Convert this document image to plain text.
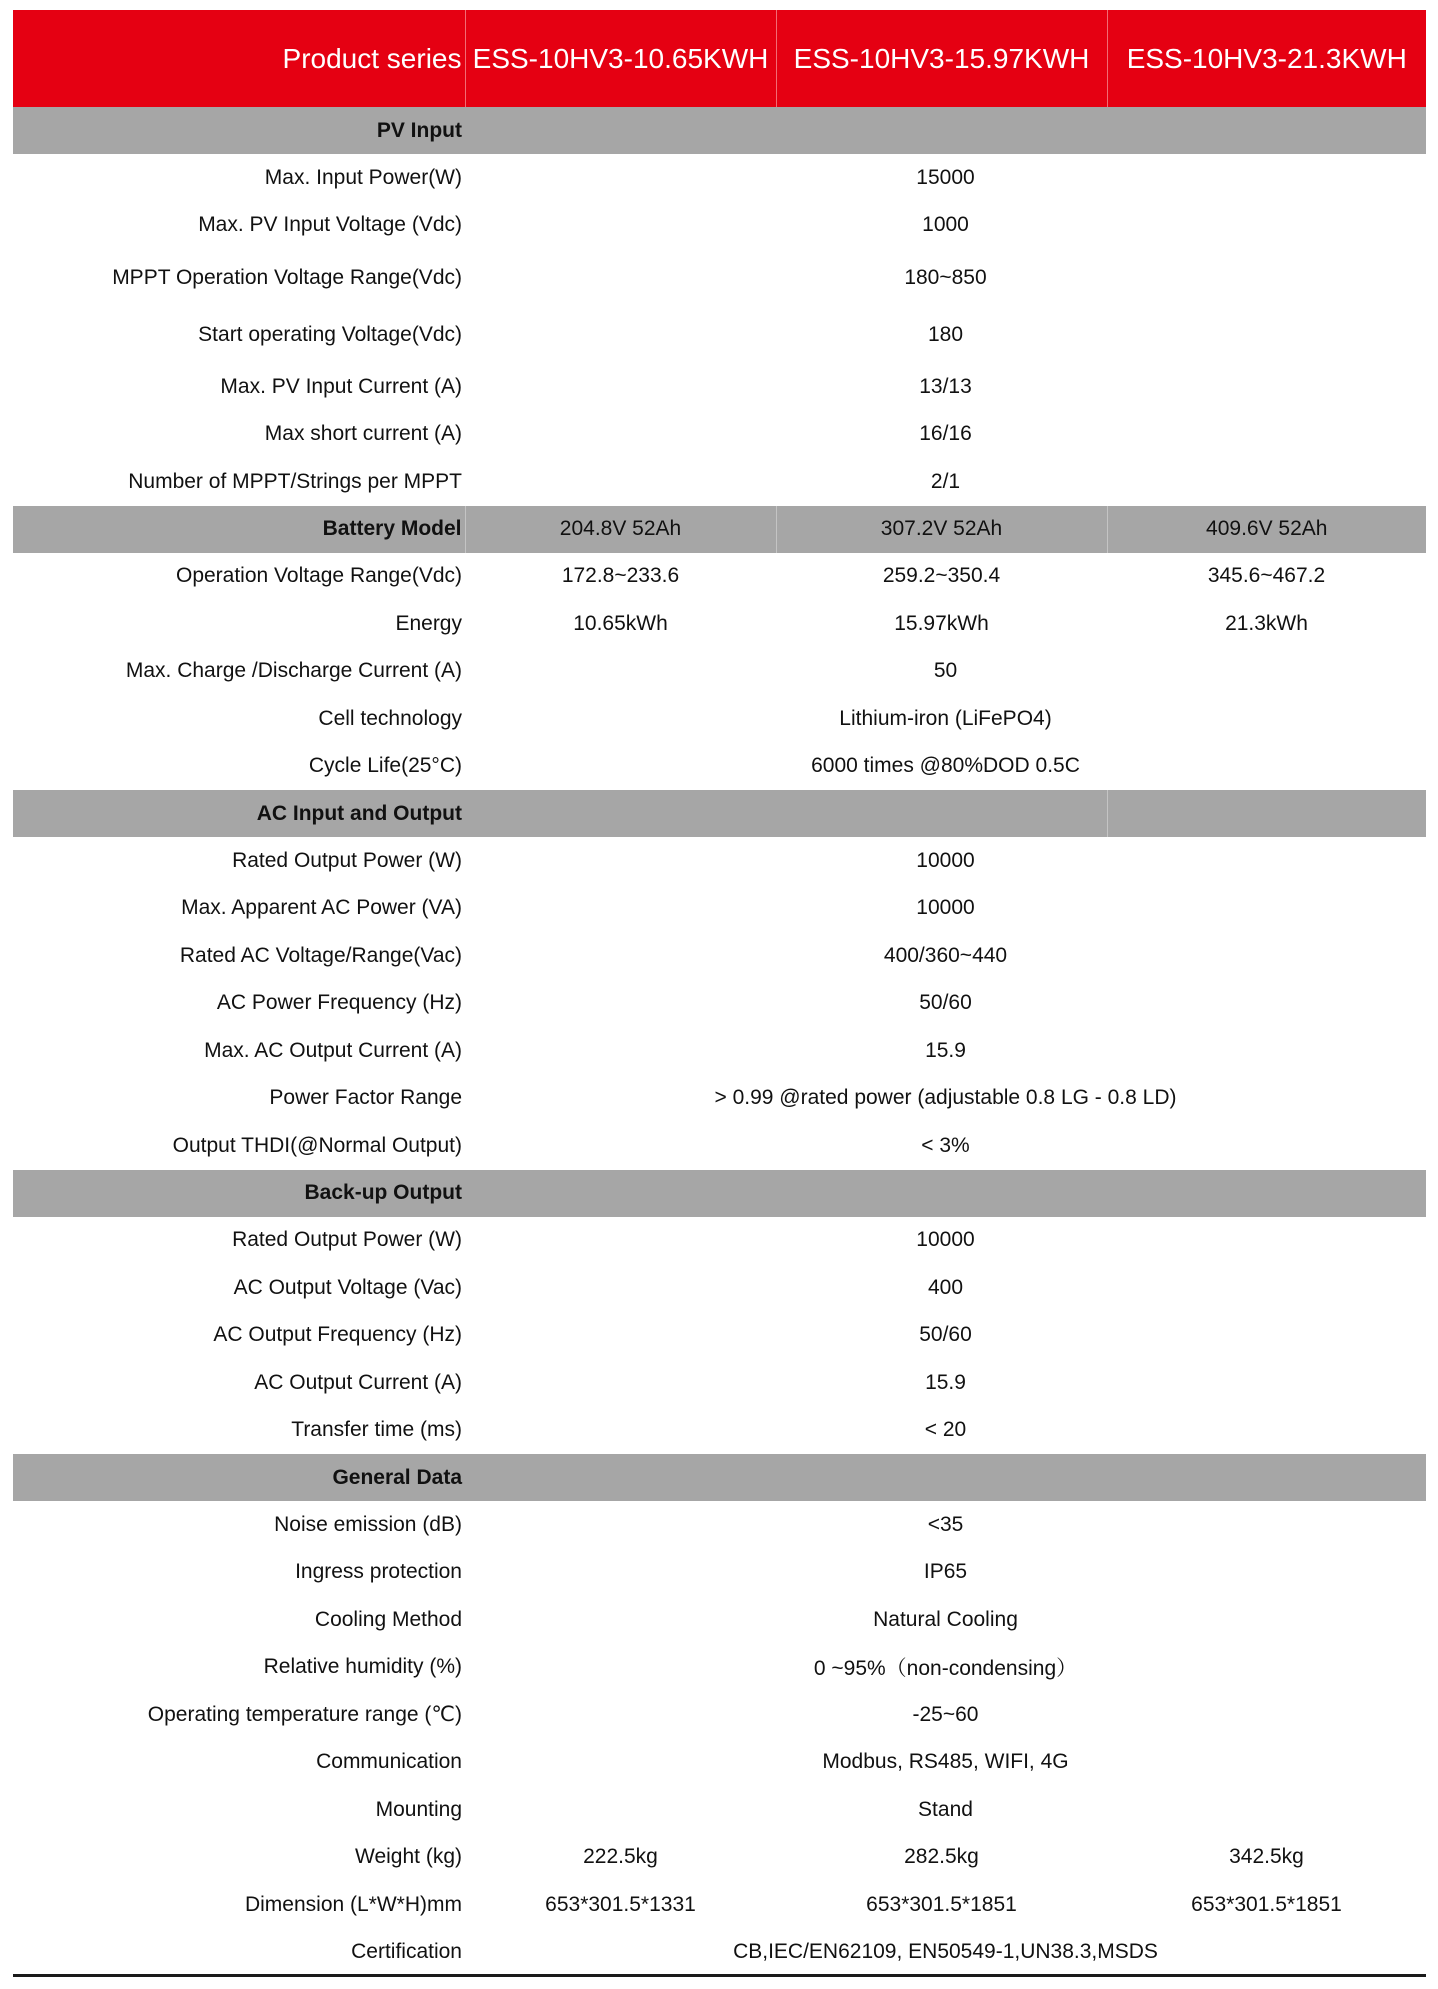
Product series	ESS-10HV3-10.65KWH	ESS-10HV3-15.97KWH	ESS-10HV3-21.3KWH
PV Input			
Max. Input Power(W)	15000		
Max. PV Input Voltage (Vdc)	1000		
MPPT Operation Voltage Range(Vdc)	180~850		
Start operating Voltage(Vdc)	180		
Max. PV Input Current (A)	13/13		
Max short current (A)	16/16		
Number of MPPT/Strings per MPPT	2/1		
Battery Model	204.8V 52Ah	307.2V 52Ah	409.6V 52Ah
Operation Voltage Range(Vdc)	172.8~233.6	259.2~350.4	345.6~467.2
Energy	10.65kWh	15.97kWh	21.3kWh
Max. Charge /Discharge Current (A)	50		
Cell technology	Lithium-iron (LiFePO4)		
Cycle Life(25°C)	6000 times @80%DOD 0.5C		
AC Input and Output			
Rated Output Power (W)	10000		
Max. Apparent AC Power (VA)	10000		
Rated AC Voltage/Range(Vac)	400/360~440		
AC Power Frequency (Hz)	50/60		
Max. AC Output Current (A)	15.9		
Power Factor Range	> 0.99 @rated power (adjustable 0.8 LG - 0.8 LD)		
Output THDI(@Normal Output)	< 3%		
Back-up Output			
Rated Output Power (W)	10000		
AC Output Voltage (Vac)	400		
AC Output Frequency (Hz)	50/60		
AC Output Current (A)	15.9		
Transfer time (ms)	< 20		
General Data			
Noise emission (dB)	<35		
Ingress protection	IP65		
Cooling Method	Natural Cooling		
Relative humidity (%)	0 ~95%（non-condensing）		
Operating temperature range (℃)	-25~60		
Communication	Modbus, RS485, WIFI, 4G		
Mounting	Stand		
Weight (kg)	222.5kg	282.5kg	342.5kg
Dimension (L*W*H)mm	653*301.5*1331	653*301.5*1851	653*301.5*1851
Certification	CB,IEC/EN62109, EN50549-1,UN38.3,MSDS		
